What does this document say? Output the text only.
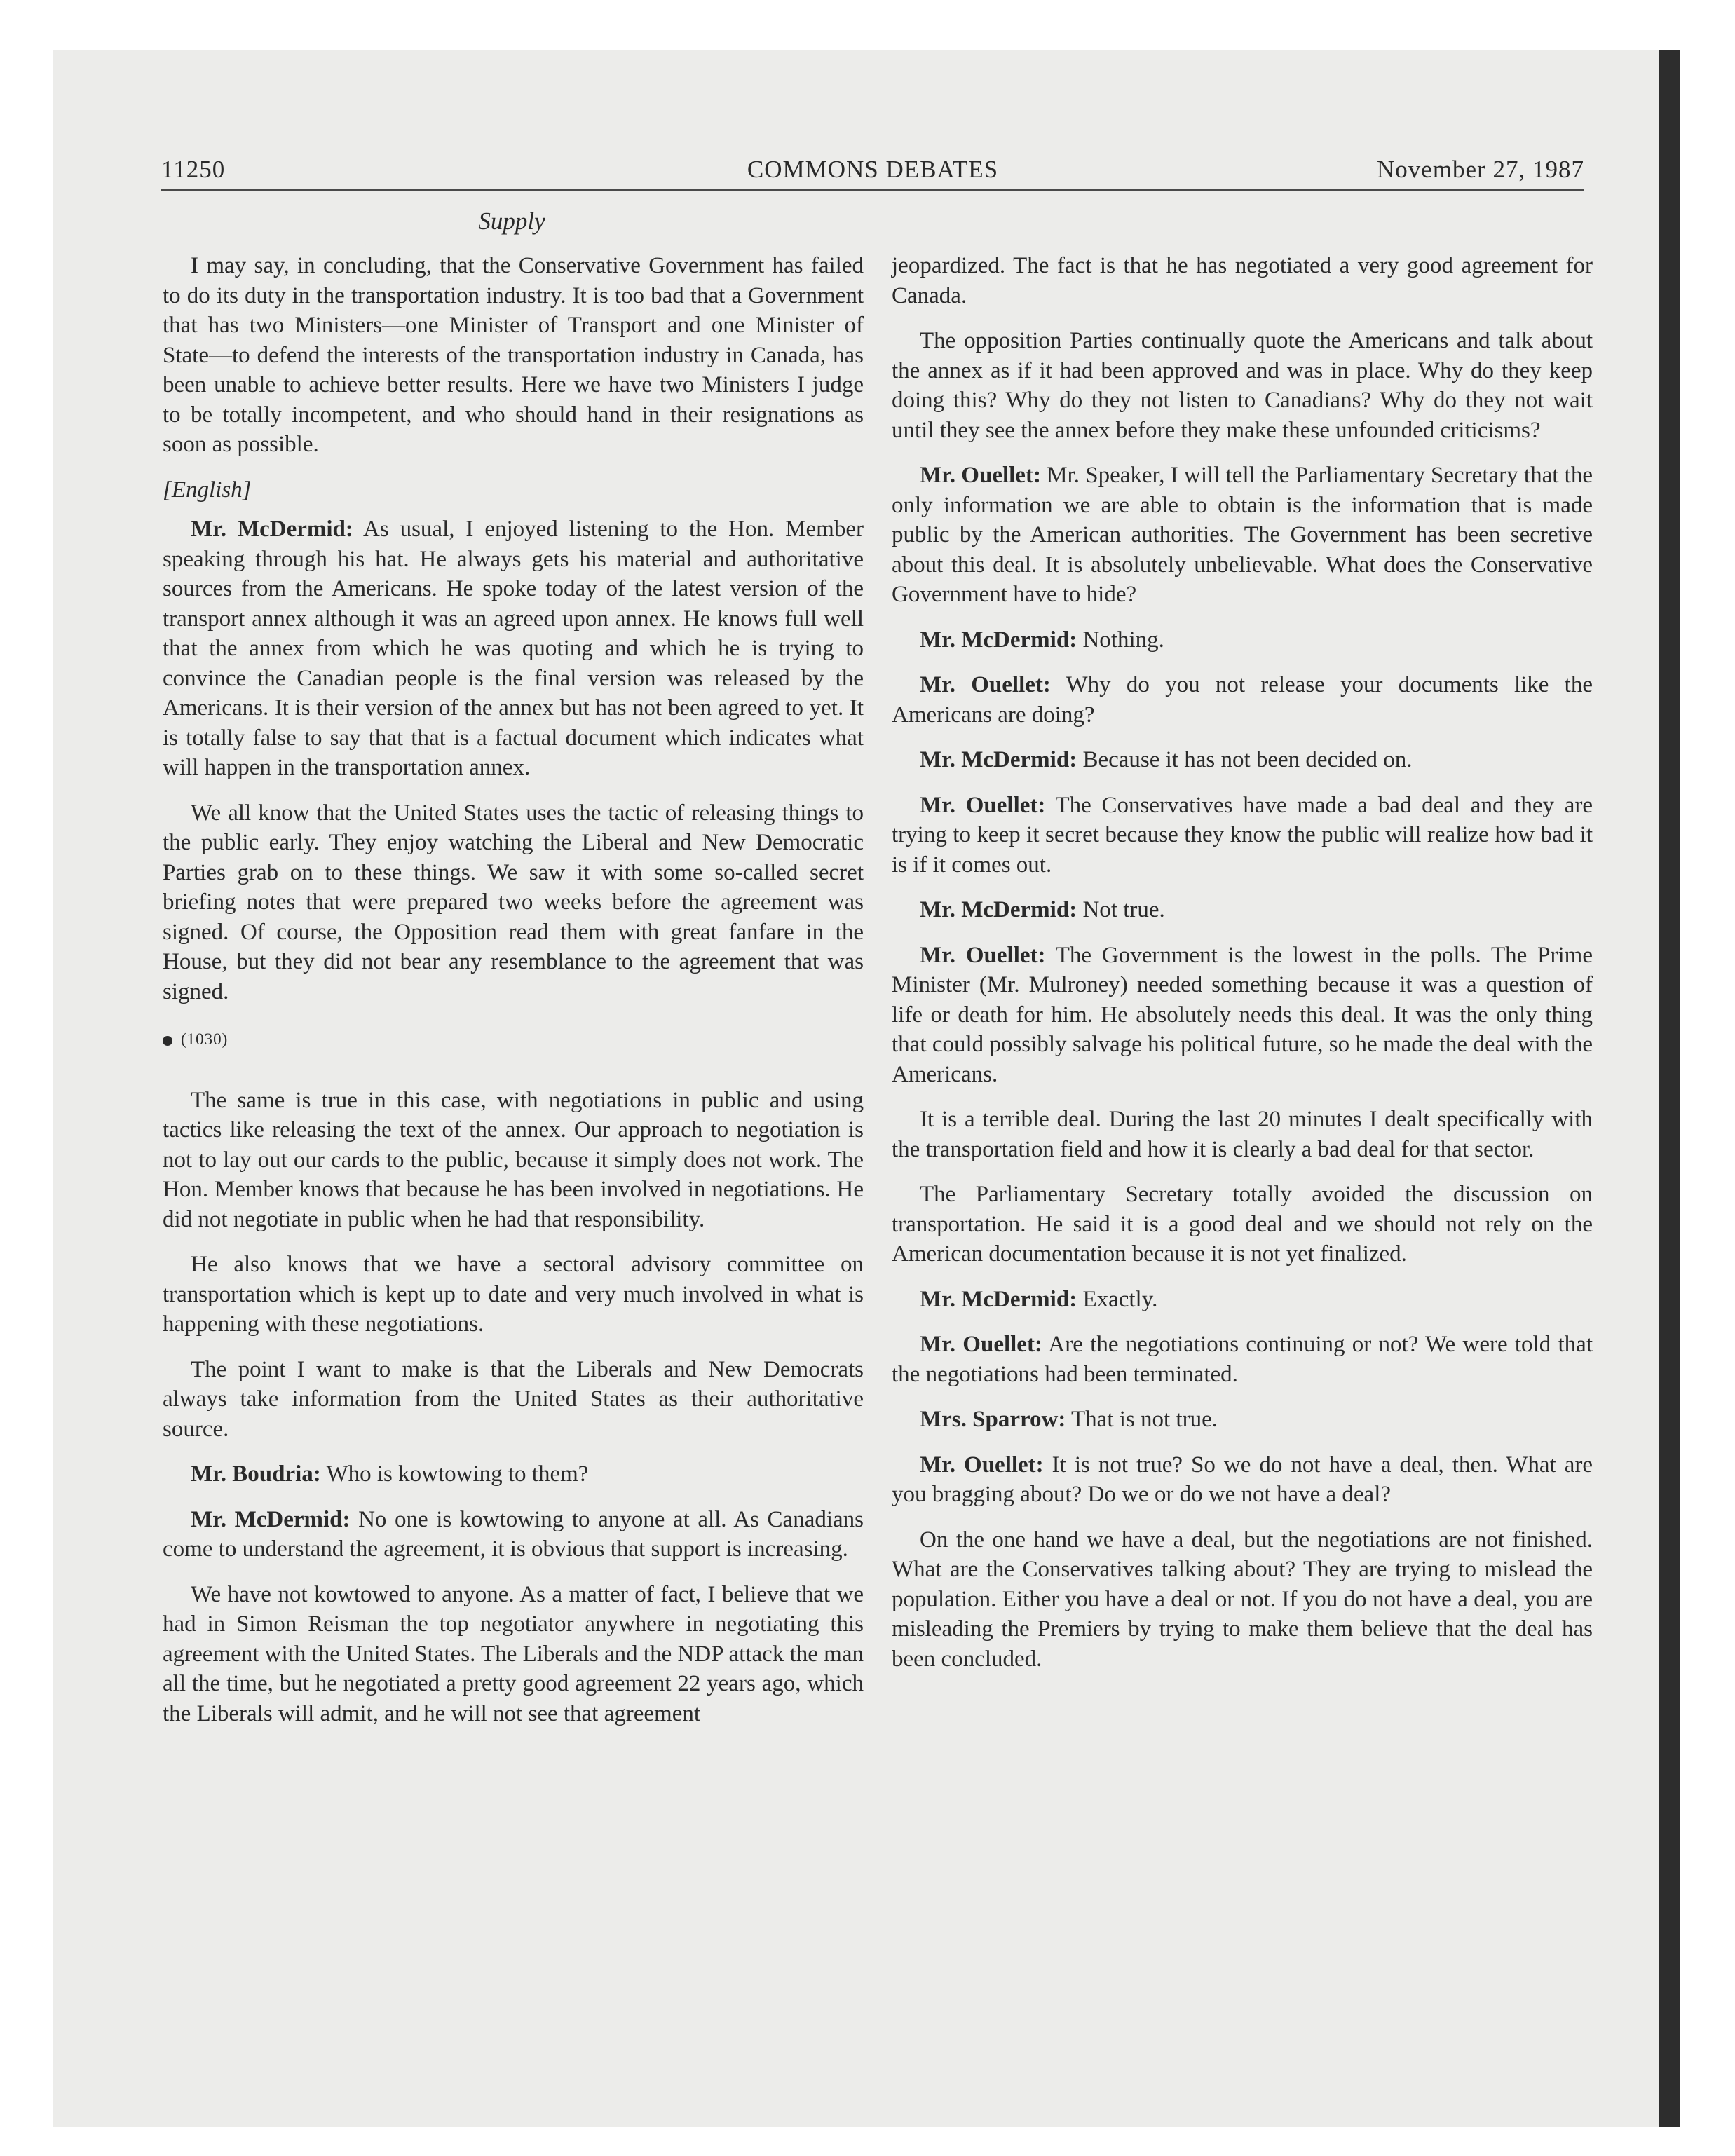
11250	COMMONS DEBATES	November 27, 1987
Supply

I may say, in concluding, that the Conservative Government has failed to do its duty in the transportation industry. It is too bad that a Government that has two Ministers—one Minister of Transport and one Minister of State—to defend the interests of the transportation industry in Canada, has been unable to achieve better results. Here we have two Ministers I judge to be totally incompetent, and who should hand in their resignations as soon as possible.

[English]

Mr. McDermid: As usual, I enjoyed listening to the Hon. Member speaking through his hat. He always gets his material and authoritative sources from the Americans. He spoke today of the latest version of the transport annex although it was an agreed upon annex. He knows full well that the annex from which he was quoting and which he is trying to convince the Canadian people is the final version was released by the Americans. It is their version of the annex but has not been agreed to yet. It is totally false to say that that is a factual document which indicates what will happen in the transportation annex.

We all know that the United States uses the tactic of releasing things to the public early. They enjoy watching the Liberal and New Democratic Parties grab on to these things. We saw it with some so-called secret briefing notes that were prepared two weeks before the agreement was signed. Of course, the Opposition read them with great fanfare in the House, but they did not bear any resemblance to the agreement that was signed.

(1030)

The same is true in this case, with negotiations in public and using tactics like releasing the text of the annex. Our approach to negotiation is not to lay out our cards to the public, because it simply does not work. The Hon. Member knows that because he has been involved in negotiations. He did not negotiate in public when he had that responsibility.

He also knows that we have a sectoral advisory committee on transportation which is kept up to date and very much involved in what is happening with these negotiations.

The point I want to make is that the Liberals and New Democrats always take information from the United States as their authoritative source.

Mr. Boudria: Who is kowtowing to them?

Mr. McDermid: No one is kowtowing to anyone at all. As Canadians come to understand the agreement, it is obvious that support is increasing.

We have not kowtowed to anyone. As a matter of fact, I believe that we had in Simon Reisman the top negotiator anywhere in negotiating this agreement with the United States. The Liberals and the NDP attack the man all the time, but he negotiated a pretty good agreement 22 years ago, which the Liberals will admit, and he will not see that agreement

jeopardized. The fact is that he has negotiated a very good agreement for Canada.

The opposition Parties continually quote the Americans and talk about the annex as if it had been approved and was in place. Why do they keep doing this? Why do they not listen to Canadians? Why do they not wait until they see the annex before they make these unfounded criticisms?

Mr. Ouellet: Mr. Speaker, I will tell the Parliamentary Secretary that the only information we are able to obtain is the information that is made public by the American authorities. The Government has been secretive about this deal. It is absolutely unbelievable. What does the Conservative Government have to hide?

Mr. McDermid: Nothing.

Mr. Ouellet: Why do you not release your documents like the Americans are doing?

Mr. McDermid: Because it has not been decided on.

Mr. Ouellet: The Conservatives have made a bad deal and they are trying to keep it secret because they know the public will realize how bad it is if it comes out.

Mr. McDermid: Not true.

Mr. Ouellet: The Government is the lowest in the polls. The Prime Minister (Mr. Mulroney) needed something because it was a question of life or death for him. He absolutely needs this deal. It was the only thing that could possibly salvage his political future, so he made the deal with the Americans.

It is a terrible deal. During the last 20 minutes I dealt specifically with the transportation field and how it is clearly a bad deal for that sector.

The Parliamentary Secretary totally avoided the discussion on transportation. He said it is a good deal and we should not rely on the American documentation because it is not yet finalized.

Mr. McDermid: Exactly.

Mr. Ouellet: Are the negotiations continuing or not? We were told that the negotiations had been terminated.

Mrs. Sparrow: That is not true.

Mr. Ouellet: It is not true? So we do not have a deal, then. What are you bragging about? Do we or do we not have a deal?

On the one hand we have a deal, but the negotiations are not finished. What are the Conservatives talking about? They are trying to mislead the population. Either you have a deal or not. If you do not have a deal, you are misleading the Premiers by trying to make them believe that the deal has been concluded.
